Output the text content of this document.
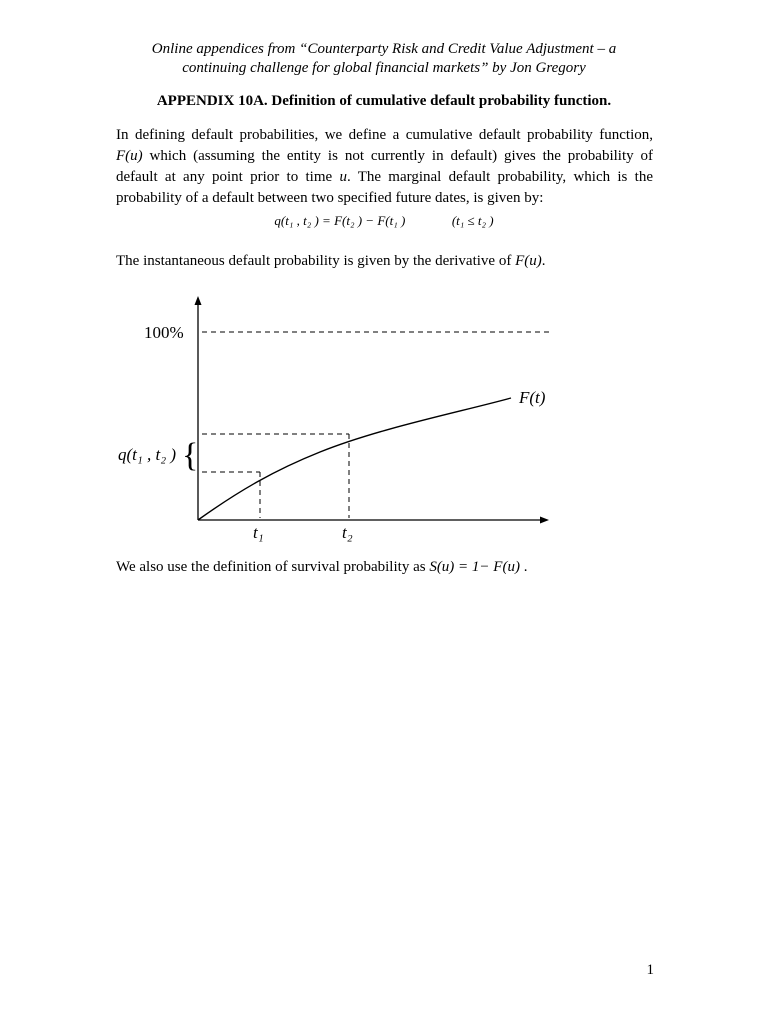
Online appendices from “Counterparty Risk and Credit Value Adjustment – a
continuing challenge for global financial markets” by Jon Gregory
APPENDIX 10A. Definition of cumulative default probability function.
In defining default probabilities, we define a cumulative default probability function, F(u) which (assuming the entity is not currently in default) gives the probability of default at any point prior to time u. The marginal default probability, which is the probability of a default between two specified future dates, is given by:
q(t₁ , t₂ ) = F(t₂ ) − F(t₁ )	(t₁ ≤ t₂ )
The instantaneous default probability is given by the derivative of F(u).
100%
F(t)
q(t₁ , t₂ ) {
t₁	t₂
We also use the definition of survival probability as S(u) = 1− F(u) .
1
